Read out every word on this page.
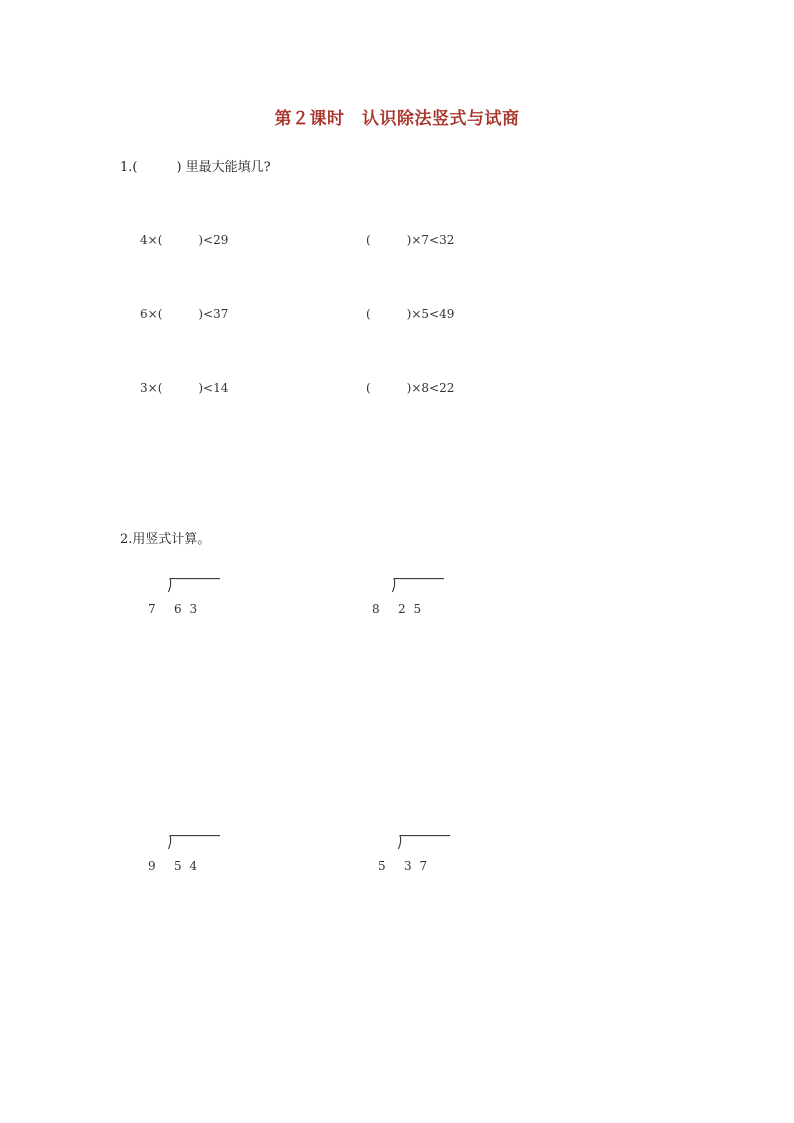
第２课时　认识除法竖式与试商
1.(　　　) 里最大能填几?
4×(　　　)<29	(　　　)×7<32
6×(　　　)<37	(　　　)×5<49
3×(　　　)<14	(　　　)×8<22
2.用竖式计算。
7 6 3	8 2 5
9 5 4	5 3 7
